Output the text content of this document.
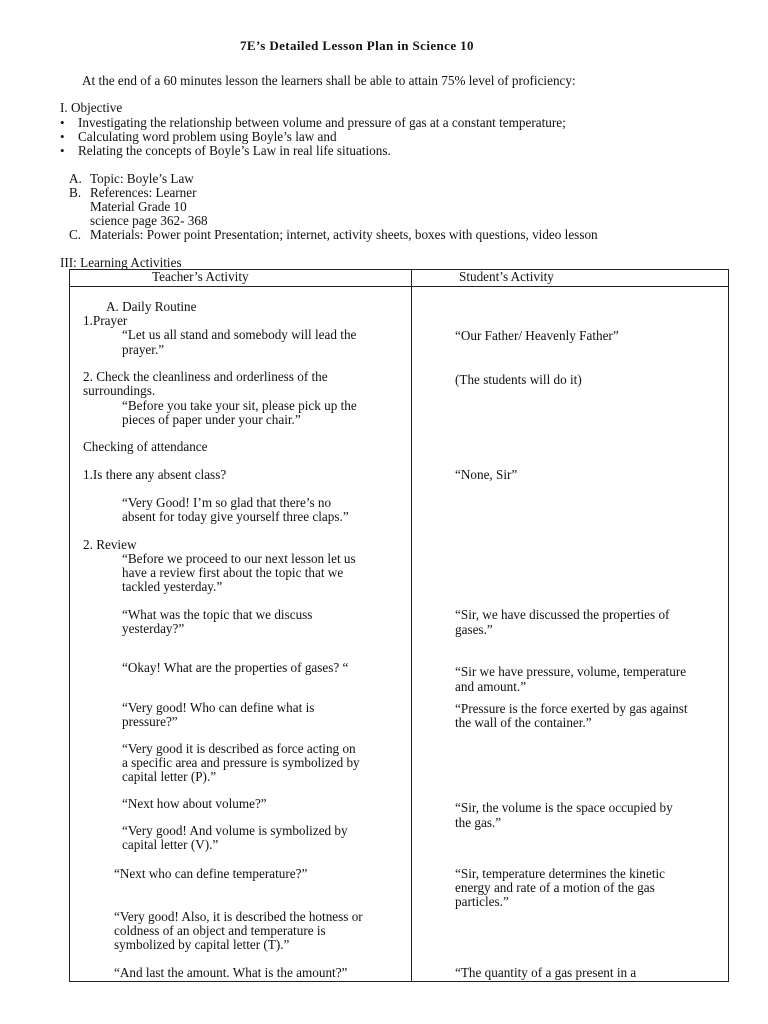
7E’s Detailed Lesson Plan in Science 10
At the end of a 60 minutes lesson the learners shall be able to attain 75% level of proficiency:
I. Objective
• Investigating the relationship between volume and pressure of gas at a constant temperature;
• Calculating word problem using Boyle’s law and
• Relating the concepts of Boyle’s Law in real life situations.
A. Topic: Boyle’s Law
B. References: Learner
Material Grade 10
science page 362- 368
C. Materials: Power point Presentation; internet, activity sheets, boxes with questions, video lesson
III: Learning Activities
Teacher’s Activity	Student’s Activity
A. Daily Routine
1.Prayer
“Let us all stand and somebody will lead the
prayer.”
2. Check the cleanliness and orderliness of the
surroundings.
“Before you take your sit, please pick up the
pieces of paper under your chair.”
Checking of attendance
1.Is there any absent class?
“Very Good! I’m so glad that there’s no
absent for today give yourself three claps.”
2. Review
“Before we proceed to our next lesson let us
have a review first about the topic that we
tackled yesterday.”
“What was the topic that we discuss
yesterday?”
“Okay! What are the properties of gases? “
“Very good! Who can define what is
pressure?”
“Very good it is described as force acting on
a specific area and pressure is symbolized by
capital letter (P).”
“Next how about volume?”
“Very good! And volume is symbolized by
capital letter (V).”
“Next who can define temperature?”
“Very good! Also, it is described the hotness or
coldness of an object and temperature is
symbolized by capital letter (T).”
“And last the amount. What is the amount?”
“Our Father/ Heavenly Father”
(The students will do it)
“None, Sir”
“Sir, we have discussed the properties of
gases.”
“Sir we have pressure, volume, temperature
and amount.”
“Pressure is the force exerted by gas against
the wall of the container.”
“Sir, the volume is the space occupied by
the gas.”
“Sir, temperature determines the kinetic
energy and rate of a motion of the gas
particles.”
“The quantity of a gas present in a
